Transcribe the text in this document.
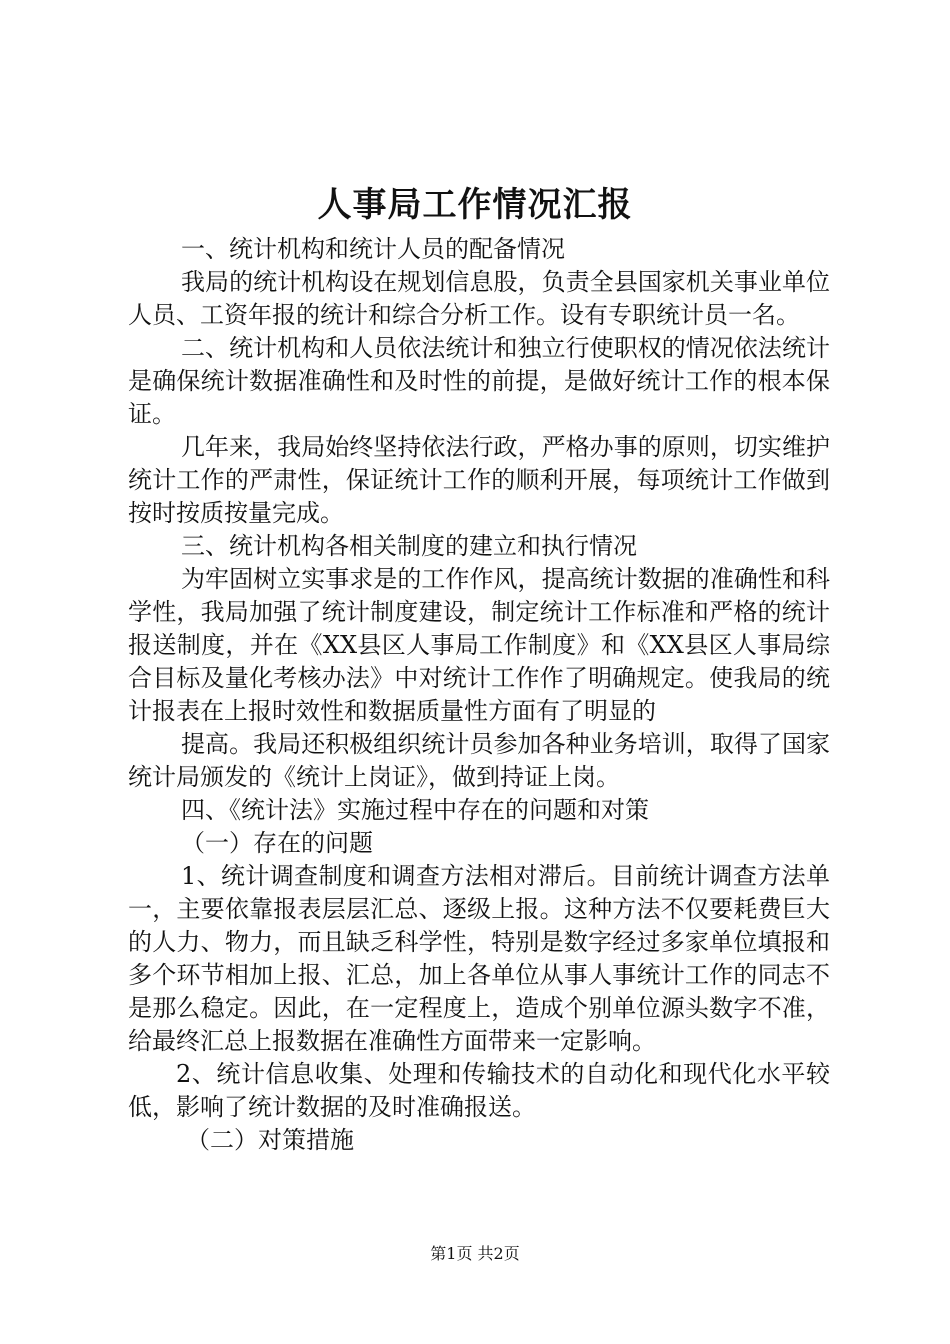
人事局工作情况汇报

一、统计机构和统计人员的配备情况

我局的统计机构设在规划信息股，负责全县国家机关事业单位人员、工资年报的统计和综合分析工作。设有专职统计员一名。

二、统计机构和人员依法统计和独立行使职权的情况依法统计是确保统计数据准确性和及时性的前提，是做好统计工作的根本保证。

几年来，我局始终坚持依法行政，严格办事的原则，切实维护统计工作的严肃性，保证统计工作的顺利开展，每项统计工作做到按时按质按量完成。

三、统计机构各相关制度的建立和执行情况

为牢固树立实事求是的工作作风，提高统计数据的准确性和科学性，我局加强了统计制度建设，制定统计工作标准和严格的统计报送制度，并在《XX县区人事局工作制度》和《XX县区人事局综合目标及量化考核办法》中对统计工作作了明确规定。使我局的统计报表在上报时效性和数据质量性方面有了明显的

提高。我局还积极组织统计员参加各种业务培训，取得了国家统计局颁发的《统计上岗证》，做到持证上岗。

四、《统计法》实施过程中存在的问题和对策

（一）存在的问题

1、统计调查制度和调查方法相对滞后。目前统计调查方法单一，主要依靠报表层层汇总、逐级上报。这种方法不仅要耗费巨大的人力、物力，而且缺乏科学性，特别是数字经过多家单位填报和多个环节相加上报、汇总，加上各单位从事人事统计工作的同志不是那么稳定。因此，在一定程度上，造成个别单位源头数字不准，给最终汇总上报数据在准确性方面带来一定影响。

2、统计信息收集、处理和传输技术的自动化和现代化水平较低，影响了统计数据的及时准确报送。

（二）对策措施

第1页 共2页
